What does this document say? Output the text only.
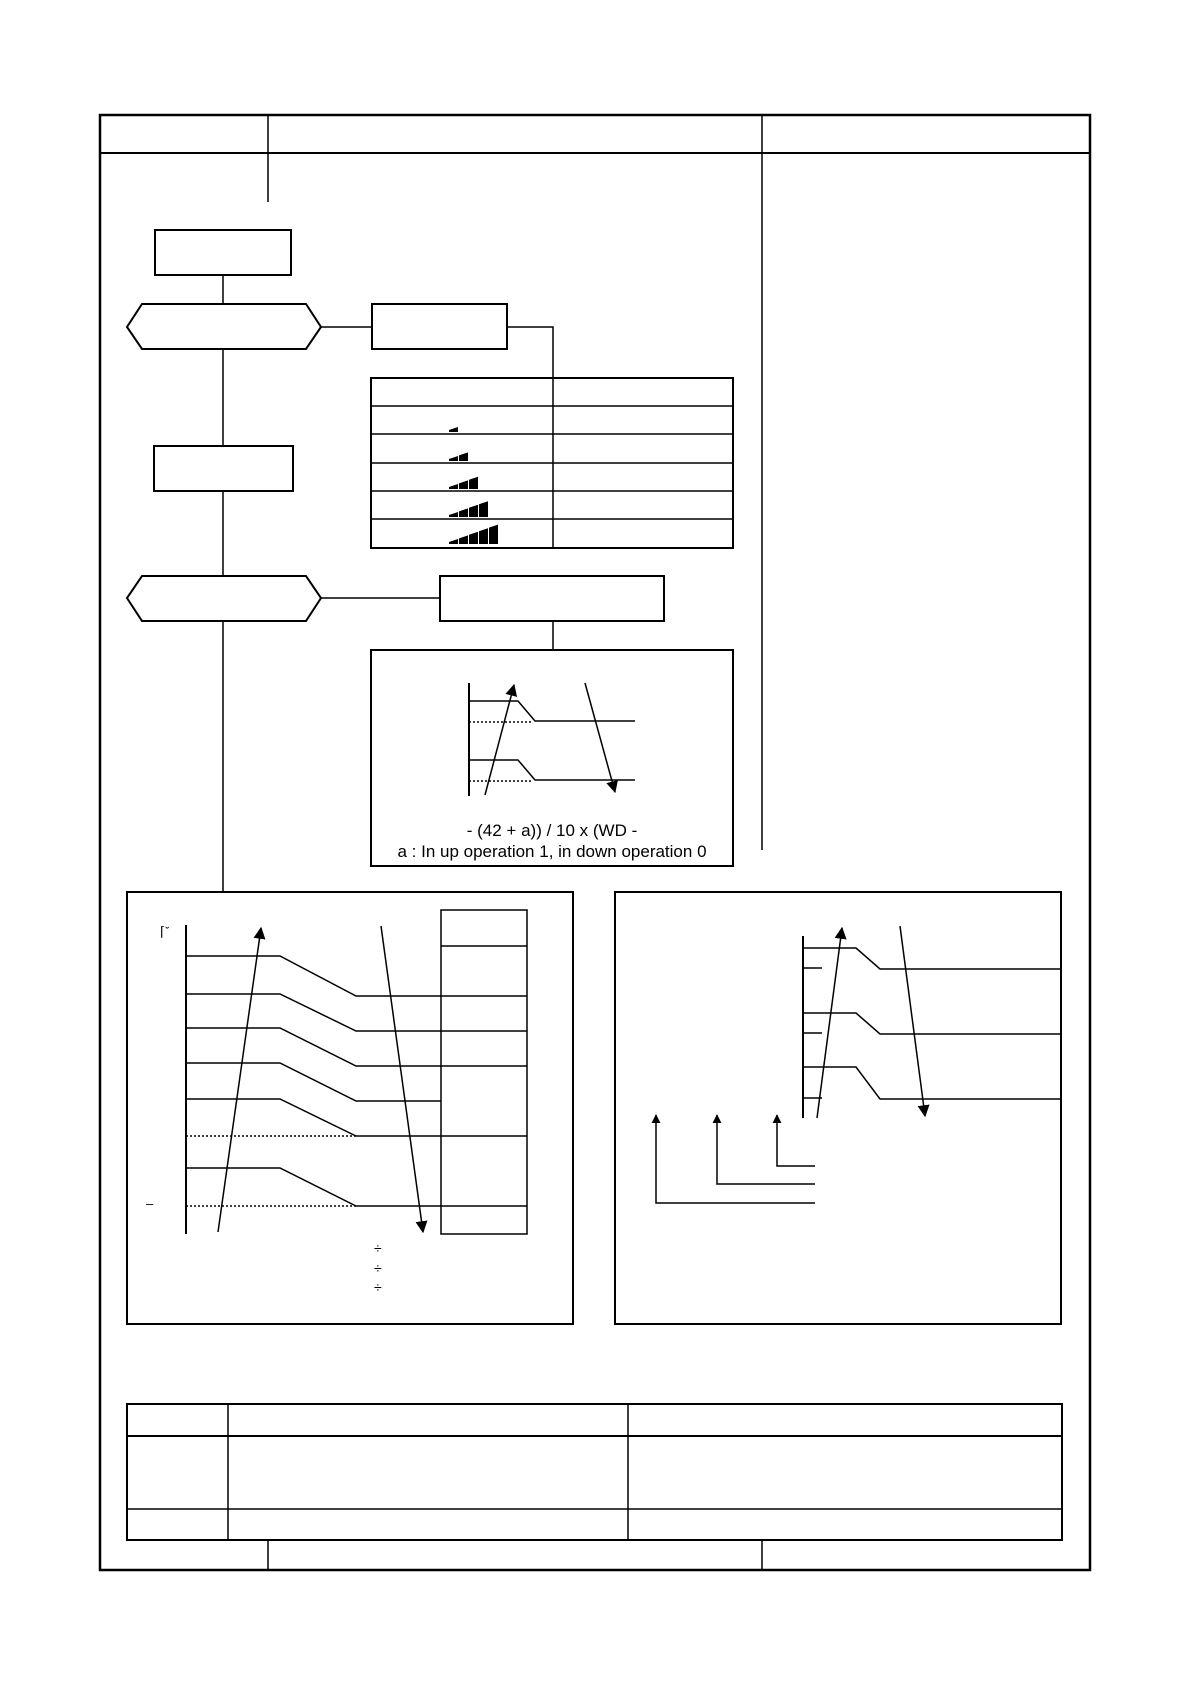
- (42 + a)) / 10 x (WD -
a : In up operation 1, in down operation 0
⌈ˇ
–
÷
÷
÷
